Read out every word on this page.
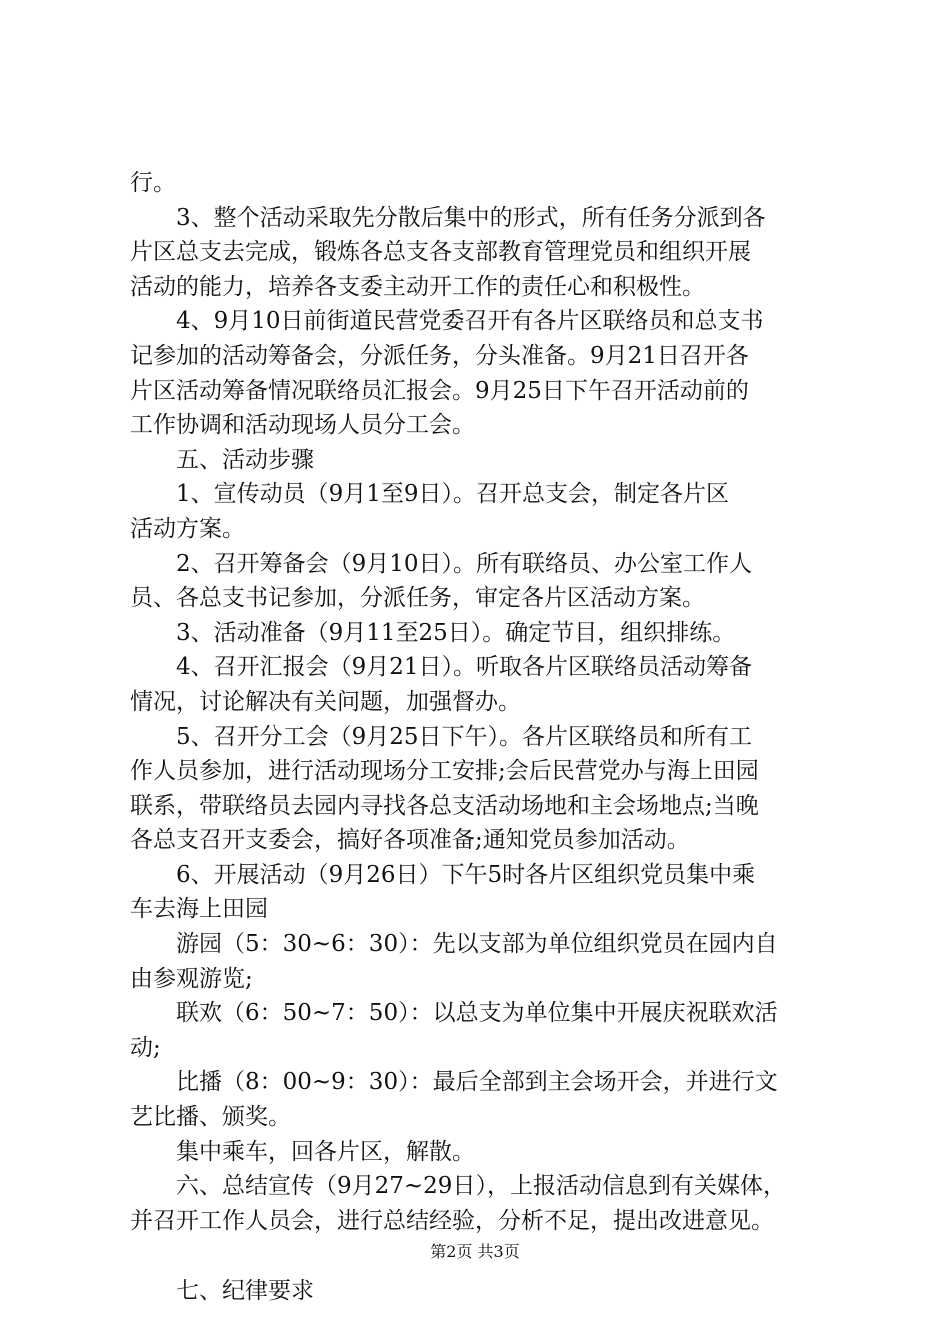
行。
　　3、整个活动采取先分散后集中的形式，所有任务分派到各
片区总支去完成，锻炼各总支各支部教育管理党员和组织开展
活动的能力，培养各支委主动开工作的责任心和积极性。
　　4、9月10日前街道民营党委召开有各片区联络员和总支书
记参加的活动筹备会，分派任务，分头准备。9月21日召开各
片区活动筹备情况联络员汇报会。9月25日下午召开活动前的
工作协调和活动现场人员分工会。
　　五、活动步骤
　　1、宣传动员（9月1至9日）。召开总支会，制定各片区
活动方案。
　　2、召开筹备会（9月10日）。所有联络员、办公室工作人
员、各总支书记参加，分派任务，审定各片区活动方案。
　　3、活动准备（9月11至25日）。确定节目，组织排练。
　　4、召开汇报会（9月21日）。听取各片区联络员活动筹备
情况，讨论解决有关问题，加强督办。
　　5、召开分工会（9月25日下午）。各片区联络员和所有工
作人员参加，进行活动现场分工安排;会后民营党办与海上田园
联系，带联络员去园内寻找各总支活动场地和主会场地点;当晚
各总支召开支委会，搞好各项准备;通知党员参加活动。
　　6、开展活动（9月26日）下午5时各片区组织党员集中乘
车去海上田园
　　游园（5：30~6：30）：先以支部为单位组织党员在园内自
由参观游览;
　　联欢（6：50~7：50）：以总支为单位集中开展庆祝联欢活
动;
　　比播（8：00~9：30）：最后全部到主会场开会，并进行文
艺比播、颁奖。
　　集中乘车，回各片区，解散。
　　六、总结宣传（9月27~29日），上报活动信息到有关媒体，
并召开工作人员会，进行总结经验，分析不足，提出改进意见。
　　七、纪律要求
第2页 共3页
